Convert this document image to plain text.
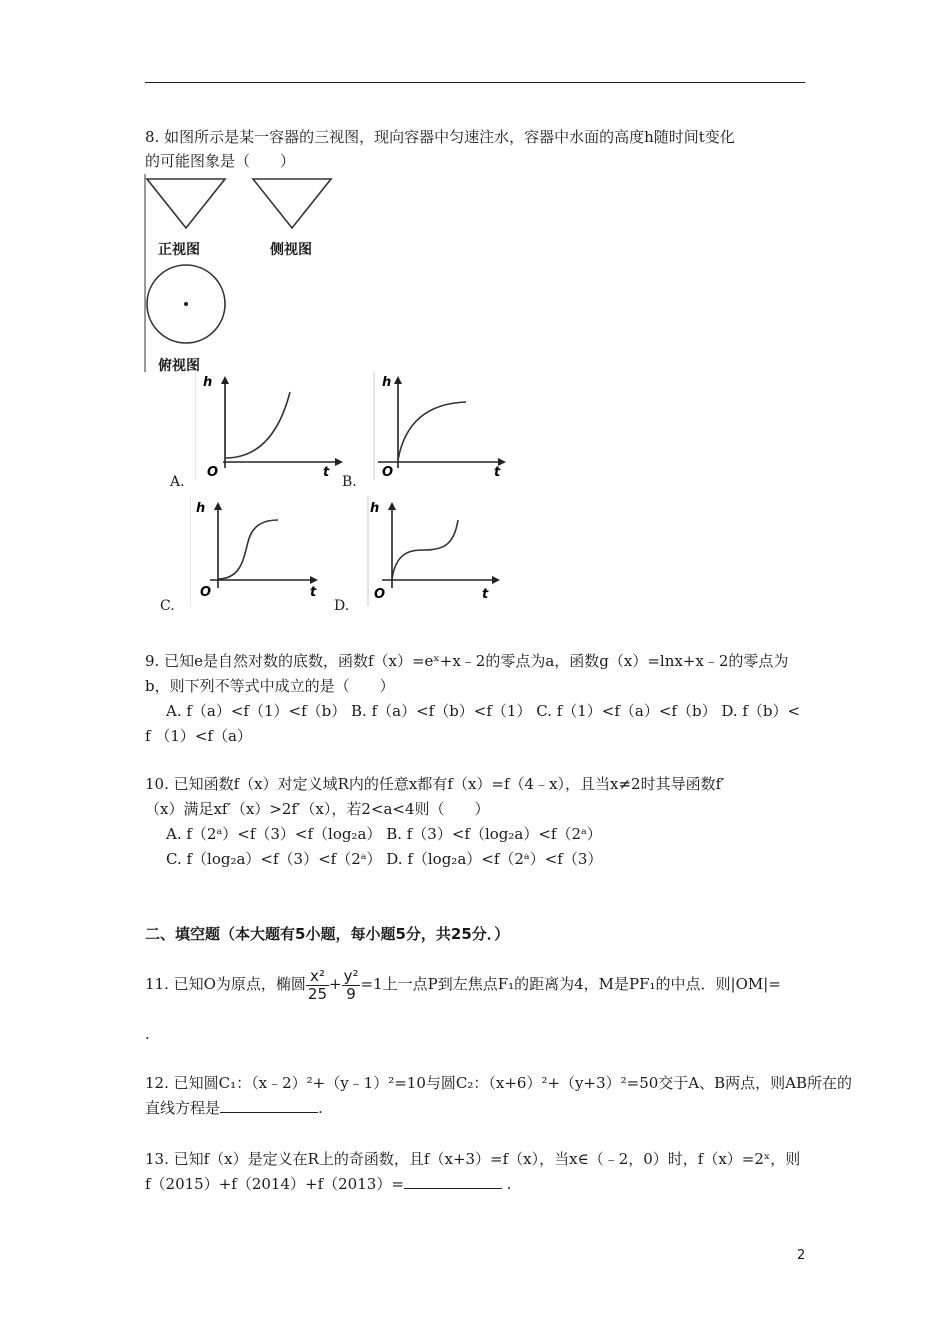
8. 如图所示是某一容器的三视图，现向容器中匀速注水，容器中水面的高度h随时间t变化
的可能图象是（　　）
正视图	侧视图
俯视图
h
t
O
A.
h
t
O
B.
h
t
O
C.
h
t
O
D.
9. 已知e是自然对数的底数，函数f（x）=eˣ+x﹣2的零点为a，函数g（x）=lnx+x﹣2的零点为
b，则下列不等式中成立的是（　　）
A. f（a）<f（1）<f（b） B. f（a）<f（b）<f（1） C. f（1）<f（a）<f（b） D. f（b）<
f （1）<f（a）
10. 已知函数f（x）对定义域R内的任意x都有f（x）=f（4﹣x），且当x≠2时其导函数f′
（x）满足xf′（x）>2f′（x），若2<a<4则（　　）
A. f（2ᵃ）<f（3）<f（log₂a） B. f（3）<f（log₂a）<f（2ᵃ）
C. f（log₂a）<f（3）<f（2ᵃ） D. f（log₂a）<f（2ᵃ）<f（3）
二、填空题（本大题有5小题，每小题5分，共25分．）
11. 已知O为原点，椭圆 $\frac{\text{x²}}{25} + \frac{\text{y²}}{9} =1$上一点P到左焦点F₁的距离为4，M是PF₁的中点．则|OM|=
.
12. 已知圆C₁：（x﹣2）²+（y﹣1）²=10与圆C₂：（x+6）²+（y+3）²=50交于A、B两点，则AB所在的
直线方程是	.
13. 已知f（x）是定义在R上的奇函数，且f（x+3）=f（x），当x∈（﹣2，0）时，f（x）=2ˣ，则
f（2015）+f（2014）+f（2013）=	.
2
